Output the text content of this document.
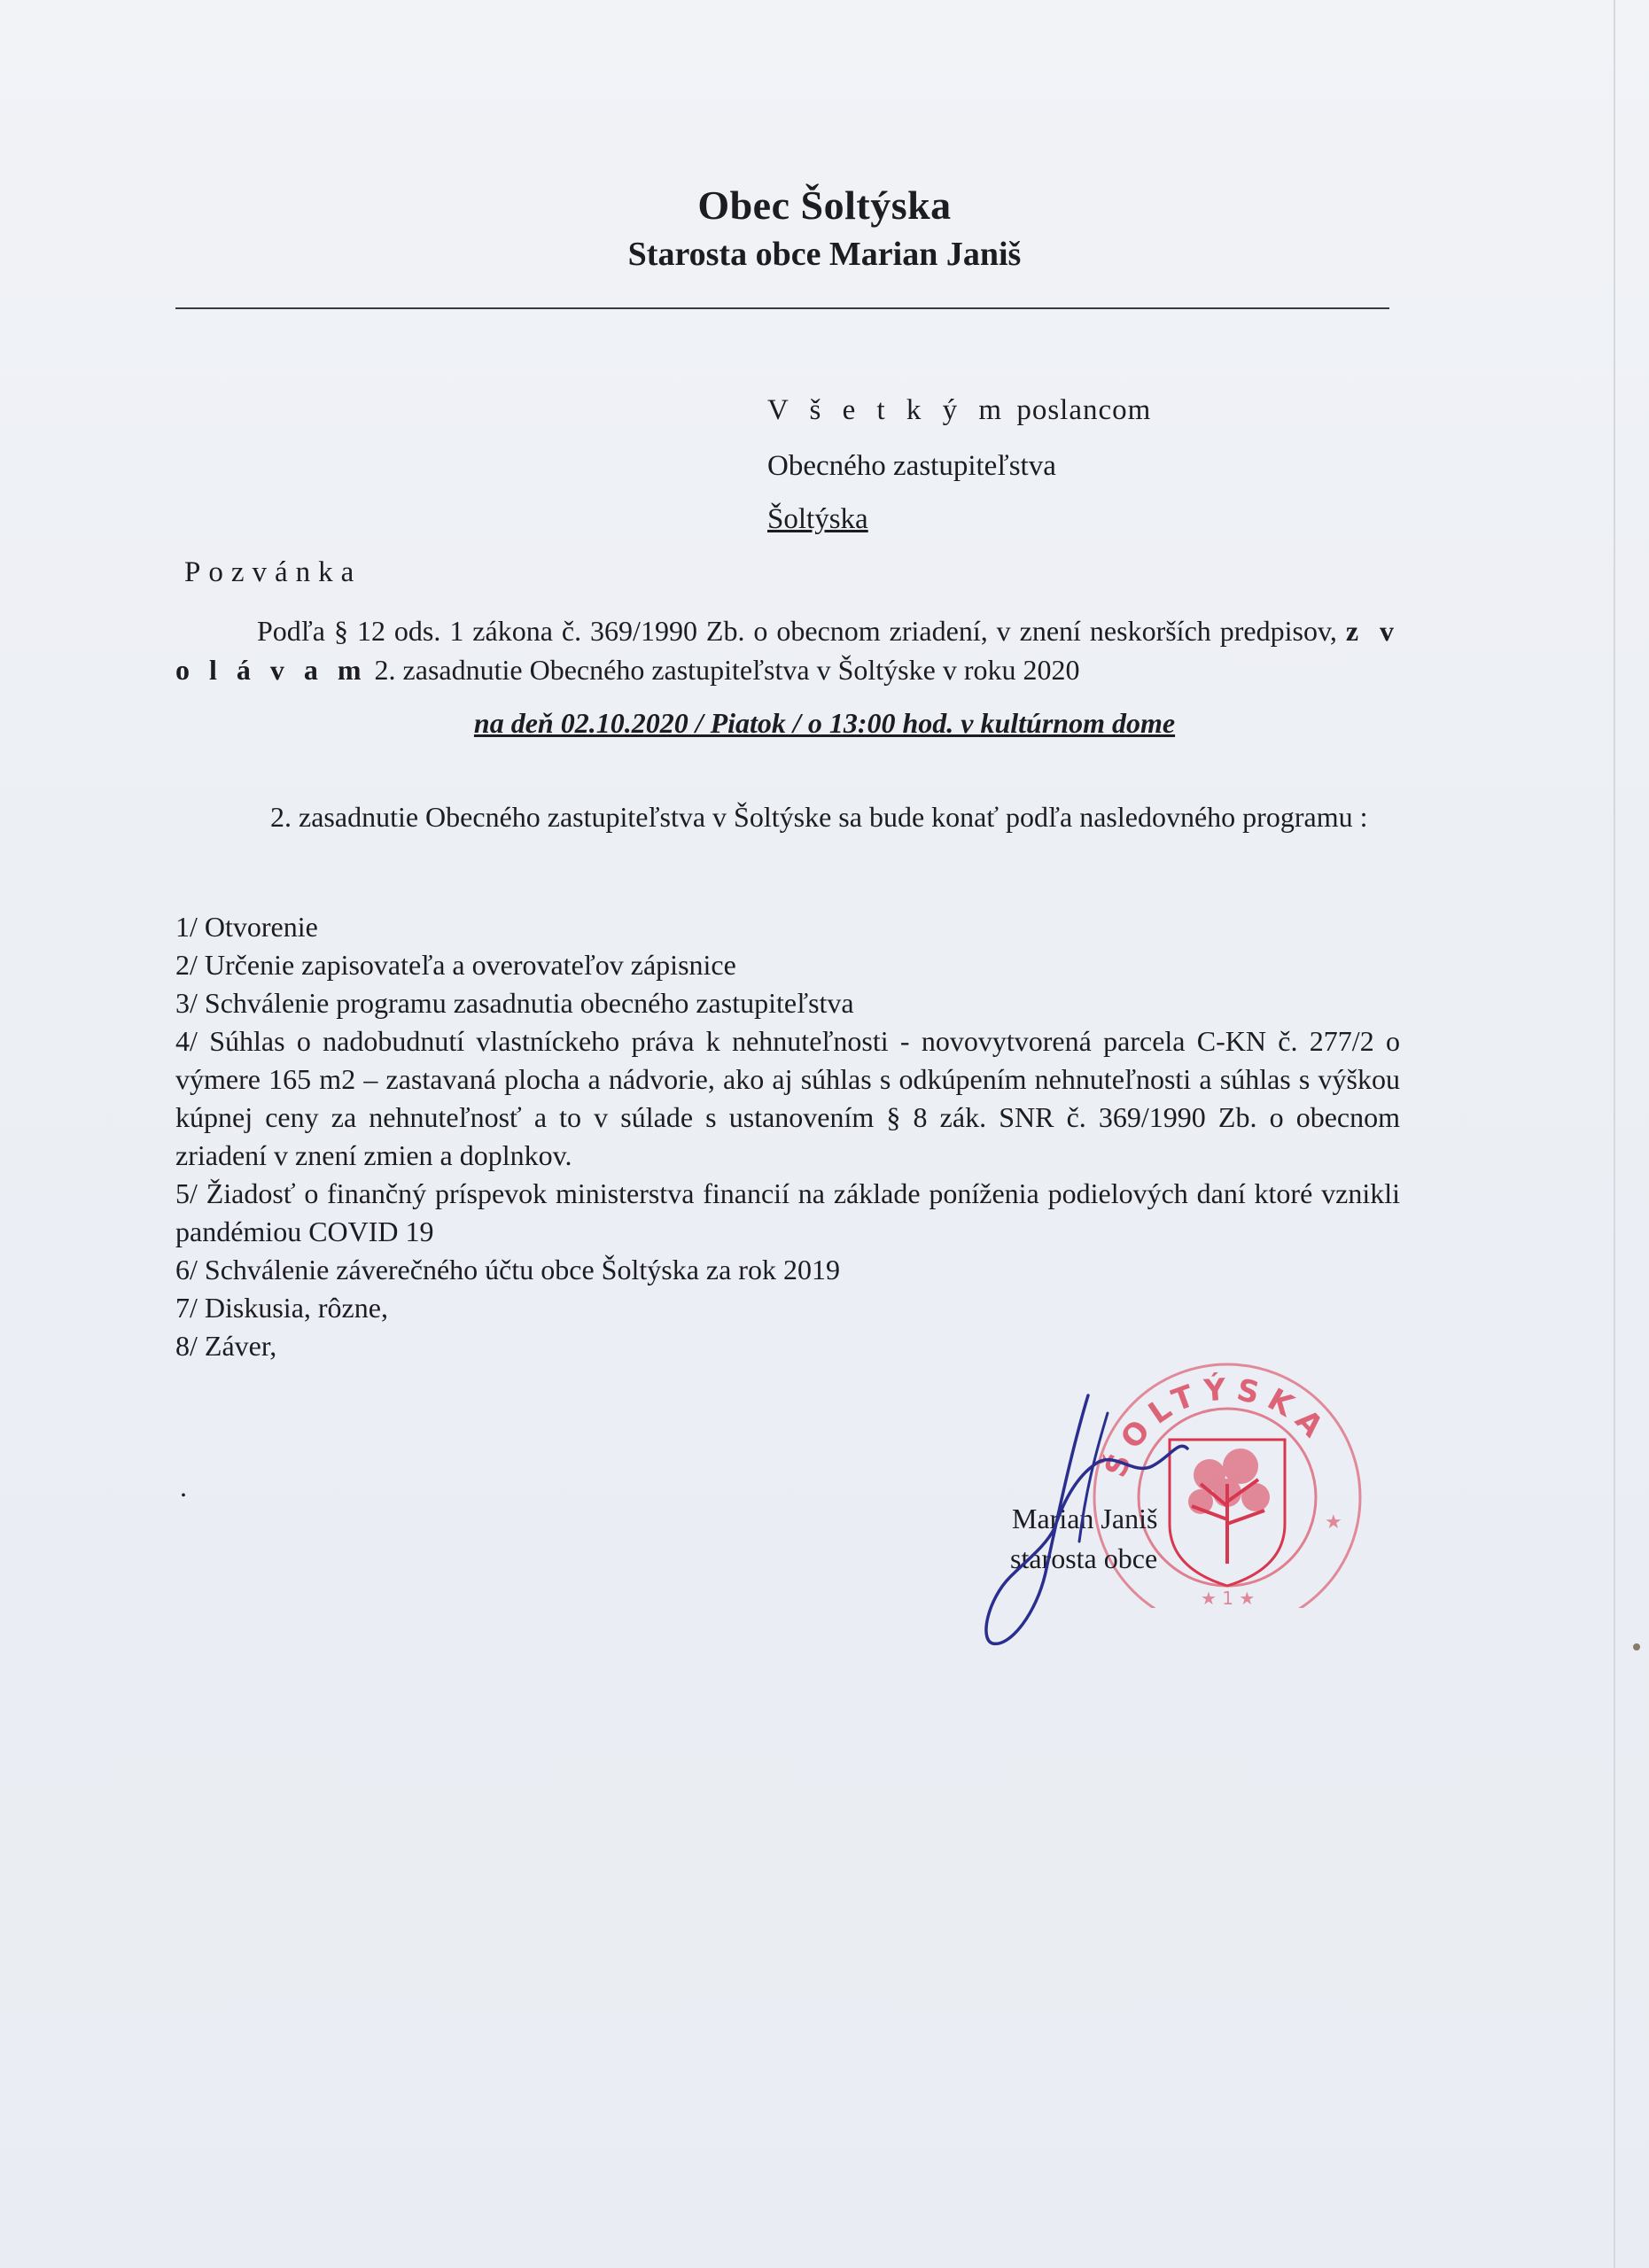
Obec Šoltýska
Starosta obce Marian Janiš
V š e t k ý m poslancom
Obecného zastupiteľstva
Šoltýska
Pozvánka
Podľa § 12 ods. 1 zákona č. 369/1990 Zb. o obecnom zriadení, v znení neskorších predpisov, z v o l á v a m 2. zasadnutie Obecného zastupiteľstva v Šoltýske v roku 2020
na deň 02.10.2020 / Piatok / o 13:00 hod. v kultúrnom dome
2. zasadnutie Obecného zastupiteľstva v Šoltýske sa bude konať podľa nasledovného programu :
1/ Otvorenie
2/ Určenie zapisovateľa a overovateľov zápisnice
3/ Schválenie programu zasadnutia obecného zastupiteľstva
4/ Súhlas o nadobudnutí vlastníckeho práva k nehnuteľnosti - novovytvorená parcela C-KN č. 277/2 o výmere 165 m2 – zastavaná plocha a nádvorie, ako aj súhlas s odkúpením nehnuteľnosti a súhlas s výškou kúpnej ceny za nehnuteľnosť a to v súlade s ustanovením § 8 zák. SNR č. 369/1990 Zb. o obecnom zriadení v znení zmien a doplnkov.
5/ Žiadosť o finančný príspevok ministerstva financií na základe poníženia podielových daní ktoré vznikli pandémiou COVID 19
6/ Schválenie záverečného účtu obce Šoltýska za rok 2019
7/ Diskusia, rôzne,
8/ Záver,
.
★
★ 1 ★
ŠOLTÝSKA
Marian Janiš
starosta obce
